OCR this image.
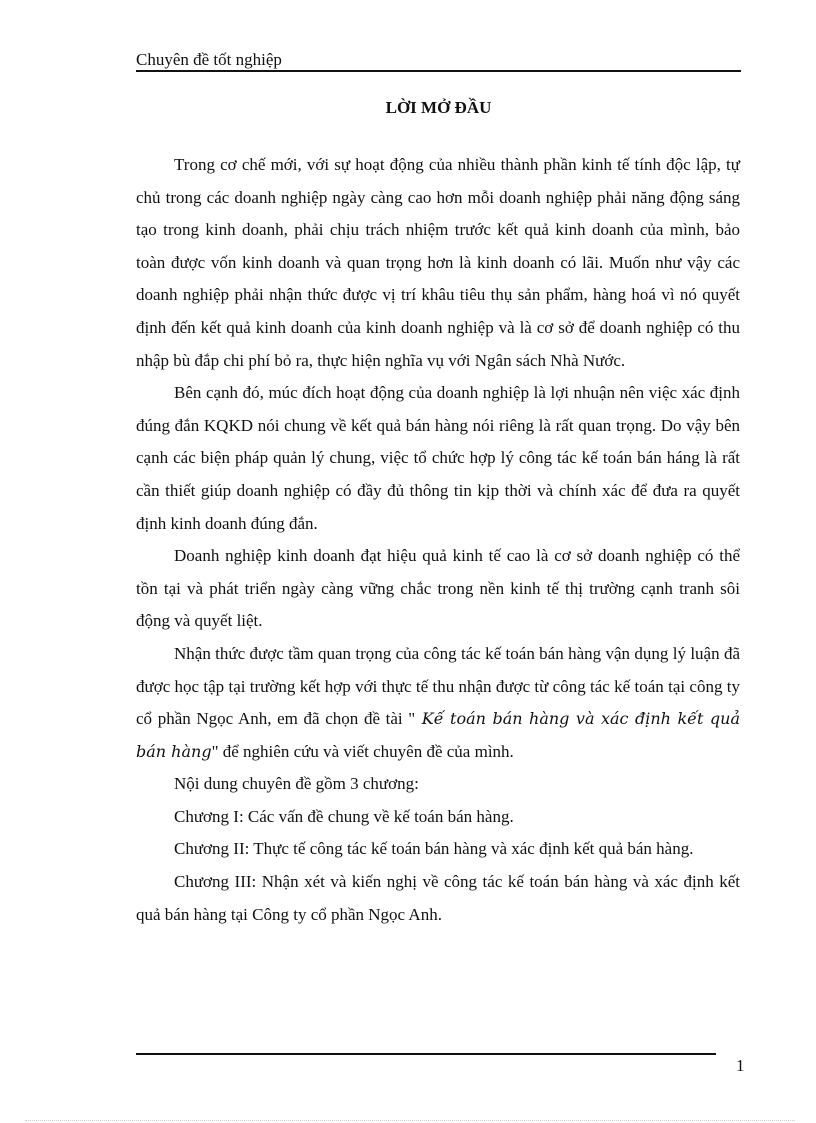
Chuyên đề tốt nghiệp
LỜI MỞ ĐẦU

Trong cơ chế mới, với sự hoạt động của nhiều thành phần kinh tế tính độc lập, tự chủ trong các doanh nghiệp ngày càng cao hơn mỗi doanh nghiệp phải năng động sáng tạo trong kinh doanh, phải chịu trách nhiệm trước kết quả kinh doanh của mình, bảo toàn được vốn kinh doanh và quan trọng hơn là kinh doanh có lãi. Muốn như vậy các doanh nghiệp phải nhận thức được vị trí khâu tiêu thụ sản phẩm, hàng hoá vì nó quyết định đến kết quả kinh doanh của kinh doanh nghiệp và là cơ sở để doanh nghiệp có thu nhập bù đắp chi phí bỏ ra, thực hiện nghĩa vụ với Ngân sách Nhà Nước.

Bên cạnh đó, múc đích hoạt động của doanh nghiệp là lợi nhuận nên việc xác định đúng đắn KQKD nói chung về kết quả bán hàng nói riêng là rất quan trọng. Do vậy bên cạnh các biện pháp quản lý chung, việc tổ chức hợp lý công tác kế toán bán háng là rất cần thiết giúp doanh nghiệp có đầy đủ thông tin kịp thời và chính xác để đưa ra quyết định kinh doanh đúng đắn.

Doanh nghiệp kinh doanh đạt hiệu quả kinh tế cao là cơ sở doanh nghiệp có thể tồn tại và phát triển ngày càng vững chắc trong nền kinh tế thị trường cạnh tranh sôi động và quyết liệt.

Nhận thức được tầm quan trọng của công tác kế toán bán hàng vận dụng lý luận đã được học tập tại trường kết hợp với thực tế thu nhận được từ công tác kế toán tại công ty cổ phần Ngọc Anh, em đã chọn đề tài " Kế toán bán hàng và xác định kết quả bán hàng" để nghiên cứu và viết chuyên đề của mình.

Nội dung chuyên đề gồm 3 chương:

Chương I: Các vấn đề chung về kế toán bán hàng.

Chương II: Thực tế công tác kế toán bán hàng và xác định kết quả bán hàng.

Chương III: Nhận xét và kiến nghị về công tác kế toán bán hàng và xác định kết quả bán hàng tại Công ty cổ phần Ngọc Anh.

1
